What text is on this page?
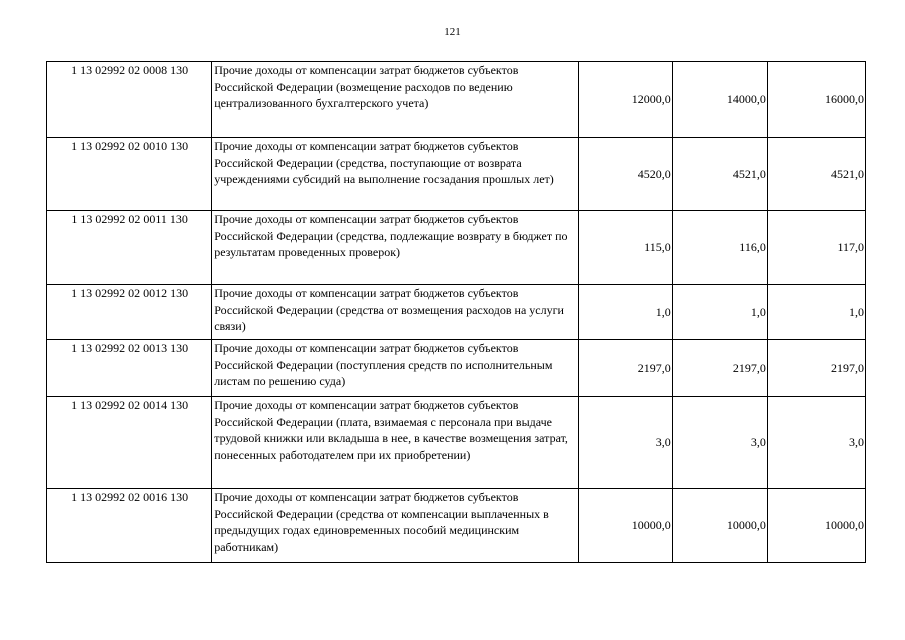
121
1 13 02992 02 0008 130	Прочие доходы от компенсации затрат бюджетов субъектов Российской Федерации (возмещение расходов по ведению централизованного бухгалтерского учета)	12000,0	14000,0	16000,0
1 13 02992 02 0010 130	Прочие доходы от компенсации затрат бюджетов субъектов Российской Федерации (средства, поступающие от возврата учреждениями субсидий на выполнение госзадания прошлых лет)	4520,0	4521,0	4521,0
1 13 02992 02 0011 130	Прочие доходы от компенсации затрат бюджетов субъектов Российской Федерации (средства, подлежащие возврату в бюджет по результатам проведенных проверок)	115,0	116,0	117,0
1 13 02992 02 0012 130	Прочие доходы от компенсации затрат бюджетов субъектов Российской Федерации (средства от возмещения расходов на услуги связи)	1,0	1,0	1,0
1 13 02992 02 0013 130	Прочие доходы от компенсации затрат бюджетов субъектов Российской Федерации (поступления средств по исполнительным листам по решению суда)	2197,0	2197,0	2197,0
1 13 02992 02 0014 130	Прочие доходы от компенсации затрат бюджетов субъектов Российской Федерации (плата, взимаемая с персонала при выдаче трудовой книжки или вкладыша в нее, в качестве возмещения затрат, понесенных работодателем при их приобретении)	3,0	3,0	3,0
1 13 02992 02 0016 130	Прочие доходы от компенсации затрат бюджетов субъектов Российской Федерации (средства от компенсации выплаченных в предыдущих годах единовременных пособий медицинским работникам)	10000,0	10000,0	10000,0
